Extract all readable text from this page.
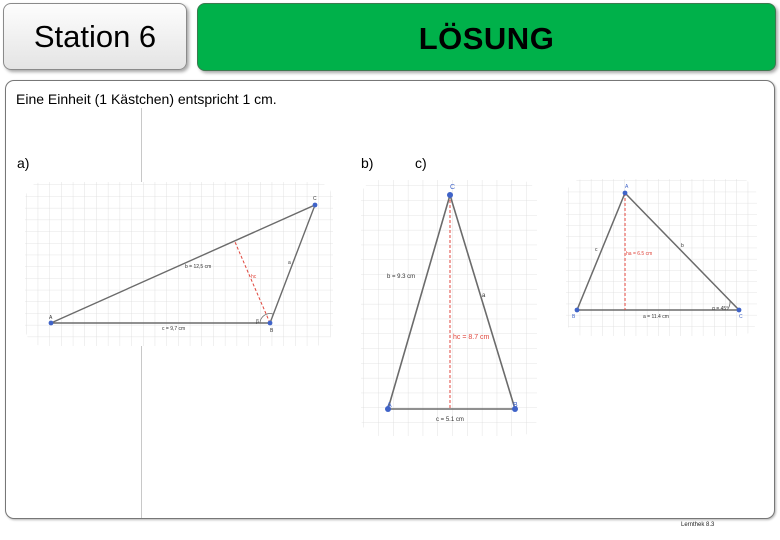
Station 6	LÖSUNG
Eine Einheit (1 Kästchen) entspricht 1 cm.
a)	b)	c)
A
B
C
b = 12,5 cm
c = 9,7 cm
a
hc
β
A	B
C
b = 9.3 cm
a
hc = 8.7 cm
c = 5.1 cm
A
B	C
c
b
ha = 6.5 cm
a = 11.4 cm
α = 45°
Lernthek 8.3
